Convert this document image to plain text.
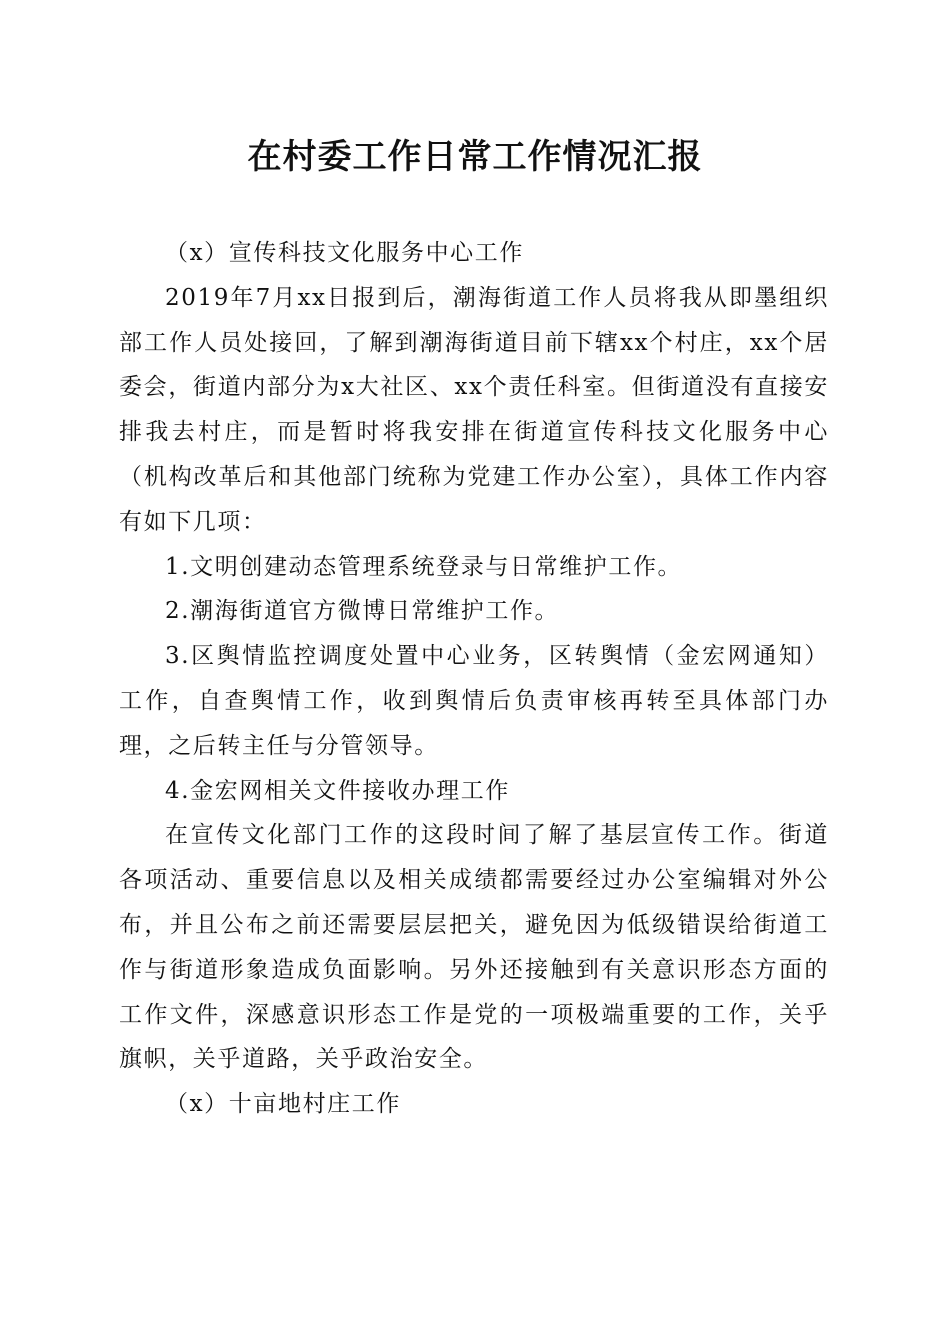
在村委工作日常工作情况汇报

（x）宣传科技文化服务中心工作

2019年7月xx日报到后，潮海街道工作人员将我从即墨组织部工作人员处接回，了解到潮海街道目前下辖xx个村庄，xx个居委会，街道内部分为x大社区、xx个责任科室。但街道没有直接安排我去村庄，而是暂时将我安排在街道宣传科技文化服务中心（机构改革后和其他部门统称为党建工作办公室），具体工作内容有如下几项：

1.文明创建动态管理系统登录与日常维护工作。

2.潮海街道官方微博日常维护工作。

3.区舆情监控调度处置中心业务，区转舆情（金宏网通知）工作，自查舆情工作，收到舆情后负责审核再转至具体部门办理，之后转主任与分管领导。

4.金宏网相关文件接收办理工作

在宣传文化部门工作的这段时间了解了基层宣传工作。街道各项活动、重要信息以及相关成绩都需要经过办公室编辑对外公布，并且公布之前还需要层层把关，避免因为低级错误给街道工作与街道形象造成负面影响。另外还接触到有关意识形态方面的工作文件，深感意识形态工作是党的一项极端重要的工作，关乎旗帜，关乎道路，关乎政治安全。

（x）十亩地村庄工作
